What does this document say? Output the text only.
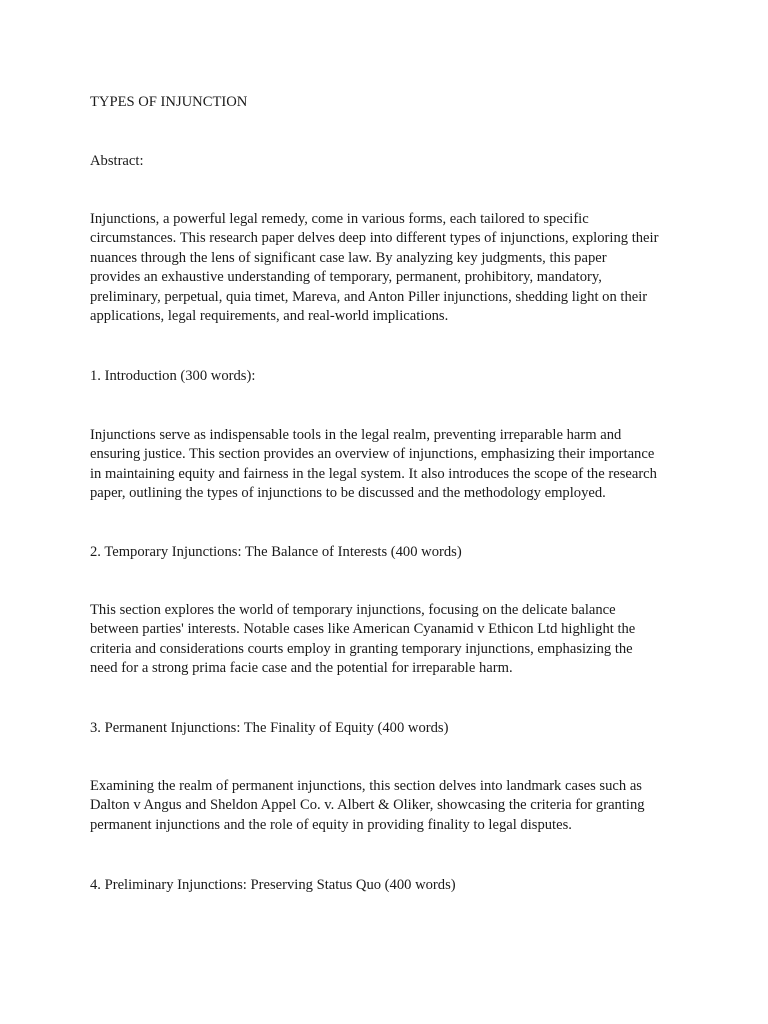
TYPES OF INJUNCTION

Abstract:

Injunctions, a powerful legal remedy, come in various forms, each tailored to specific
circumstances. This research paper delves deep into different types of injunctions, exploring their
nuances through the lens of significant case law. By analyzing key judgments, this paper
provides an exhaustive understanding of temporary, permanent, prohibitory, mandatory,
preliminary, perpetual, quia timet, Mareva, and Anton Piller injunctions, shedding light on their
applications, legal requirements, and real-world implications.

1. Introduction (300 words):

Injunctions serve as indispensable tools in the legal realm, preventing irreparable harm and
ensuring justice. This section provides an overview of injunctions, emphasizing their importance
in maintaining equity and fairness in the legal system. It also introduces the scope of the research
paper, outlining the types of injunctions to be discussed and the methodology employed.

2. Temporary Injunctions: The Balance of Interests (400 words)

This section explores the world of temporary injunctions, focusing on the delicate balance
between parties' interests. Notable cases like American Cyanamid v Ethicon Ltd highlight the
criteria and considerations courts employ in granting temporary injunctions, emphasizing the
need for a strong prima facie case and the potential for irreparable harm.

3. Permanent Injunctions: The Finality of Equity (400 words)

Examining the realm of permanent injunctions, this section delves into landmark cases such as
Dalton v Angus and Sheldon Appel Co. v. Albert & Oliker, showcasing the criteria for granting
permanent injunctions and the role of equity in providing finality to legal disputes.

4. Preliminary Injunctions: Preserving Status Quo (400 words)
